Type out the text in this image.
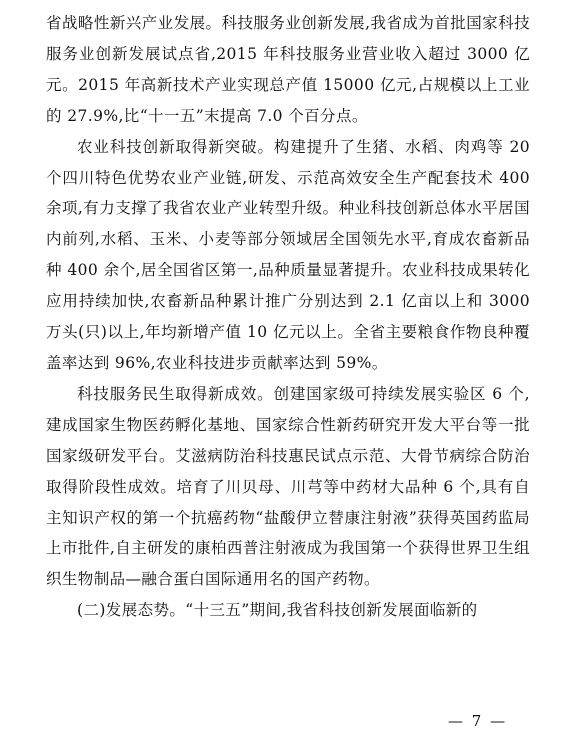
省战略性新兴产业发展。科技服务业创新发展,我省成为首批国家科技服务业创新发展试点省,2015 年科技服务业营业收入超过 3000 亿元。2015 年高新技术产业实现总产值 15000 亿元,占规模以上工业的 27.9%,比“十一五”末提高 7.0 个百分点。

农业科技创新取得新突破。构建提升了生猪、水稻、肉鸡等 20 个四川特色优势农业产业链,研发、示范高效安全生产配套技术 400 余项,有力支撑了我省农业产业转型升级。种业科技创新总体水平居国内前列,水稻、玉米、小麦等部分领域居全国领先水平,育成农畜新品种 400 余个,居全国省区第一,品种质量显著提升。农业科技成果转化应用持续加快,农畜新品种累计推广分别达到 2.1 亿亩以上和 3000 万头(只)以上,年均新增产值 10 亿元以上。全省主要粮食作物良种覆盖率达到 96%,农业科技进步贡献率达到 59%。

科技服务民生取得新成效。创建国家级可持续发展实验区 6 个,建成国家生物医药孵化基地、国家综合性新药研究开发大平台等一批国家级研发平台。艾滋病防治科技惠民试点示范、大骨节病综合防治取得阶段性成效。培育了川贝母、川芎等中药材大品种 6 个,具有自主知识产权的第一个抗癌药物“盐酸伊立替康注射液”获得英国药监局上市批件,自主研发的康柏西普注射液成为我国第一个获得世界卫生组织生物制品—融合蛋白国际通用名的国产药物。

(二)发展态势。“十三五”期间,我省科技创新发展面临新的

— 7 —
